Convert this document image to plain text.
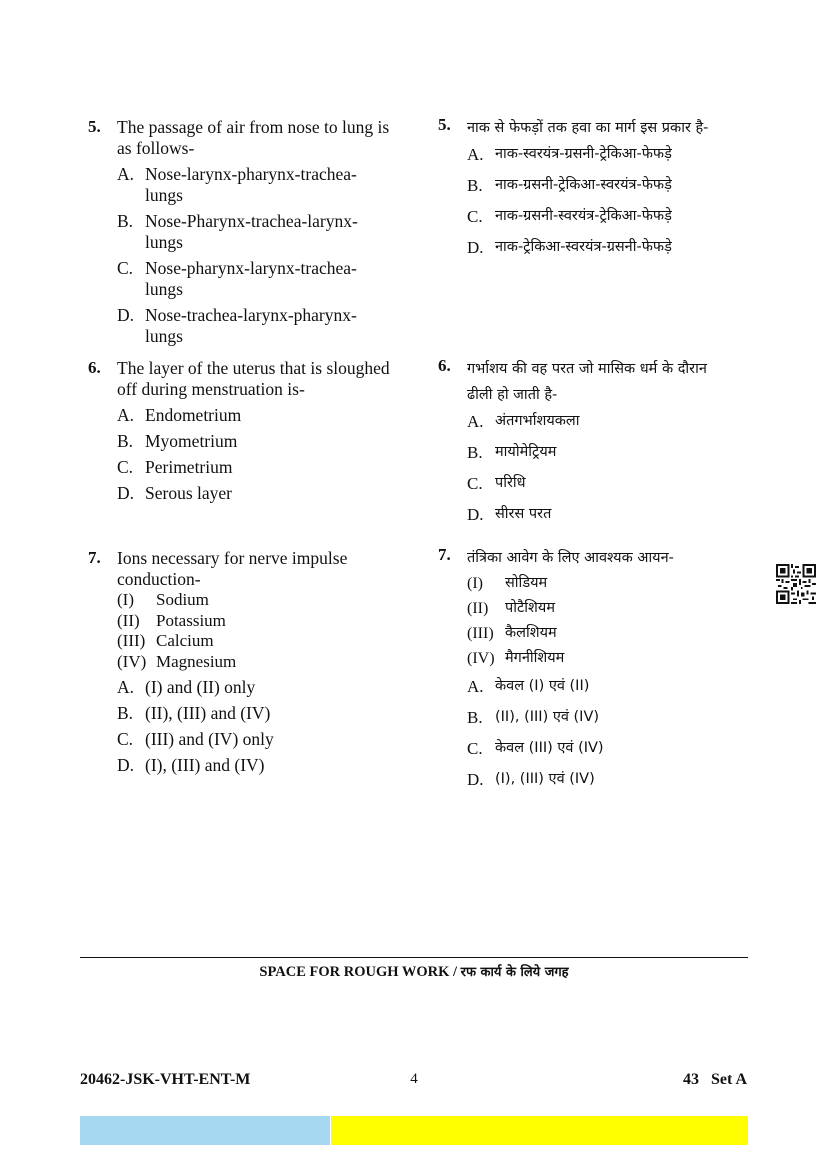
5. The passage of air from nose to lung is as follows-
A. Nose-larynx-pharynx-trachea-lungs
B. Nose-Pharynx-trachea-larynx-lungs
C. Nose-pharynx-larynx-trachea-lungs
D. Nose-trachea-larynx-pharynx-lungs
5. नाक से फेफड़ों तक हवा का मार्ग इस प्रकार है-
A. नाक-स्वरयंत्र-ग्रसनी-ट्रेकिआ-फेफड़े
B. नाक-ग्रसनी-ट्रेकिआ-स्वरयंत्र-फेफड़े
C. नाक-ग्रसनी-स्वरयंत्र-ट्रेकिआ-फेफड़े
D. नाक-ट्रेकिआ-स्वरयंत्र-ग्रसनी-फेफड़े
6. The layer of the uterus that is sloughed off during menstruation is-
A. Endometrium
B. Myometrium
C. Perimetrium
D. Serous layer
6. गर्भाशय की वह परत जो मासिक धर्म के दौरान ढीली हो जाती है-
A. अंतगर्भाशयकला
B. मायोमेट्रियम
C. परिधि
D. सीरस परत
7. Ions necessary for nerve impulse conduction-
(I)	Sodium
(II) Potassium
(III) Calcium
(IV) Magnesium
A. (I) and (II) only
B. (II), (III) and (IV)
C. (III) and (IV) only
D. (I), (III) and (IV)
7. तंत्रिका आवेग के लिए आवश्यक आयन-
(I)	सोडियम
(II)	पोटैशियम
(III) कैलशियम
(IV) मैगनीशियम
A. केवल (I) एवं (II)
B. (II), (III) एवं (IV)
C. केवल (III) एवं (IV)
D. (I), (III) एवं (IV)
SPACE FOR ROUGH WORK / रफ कार्य के लिये जगह
20462-JSK-VHT-ENT-M	4	43   Set A
